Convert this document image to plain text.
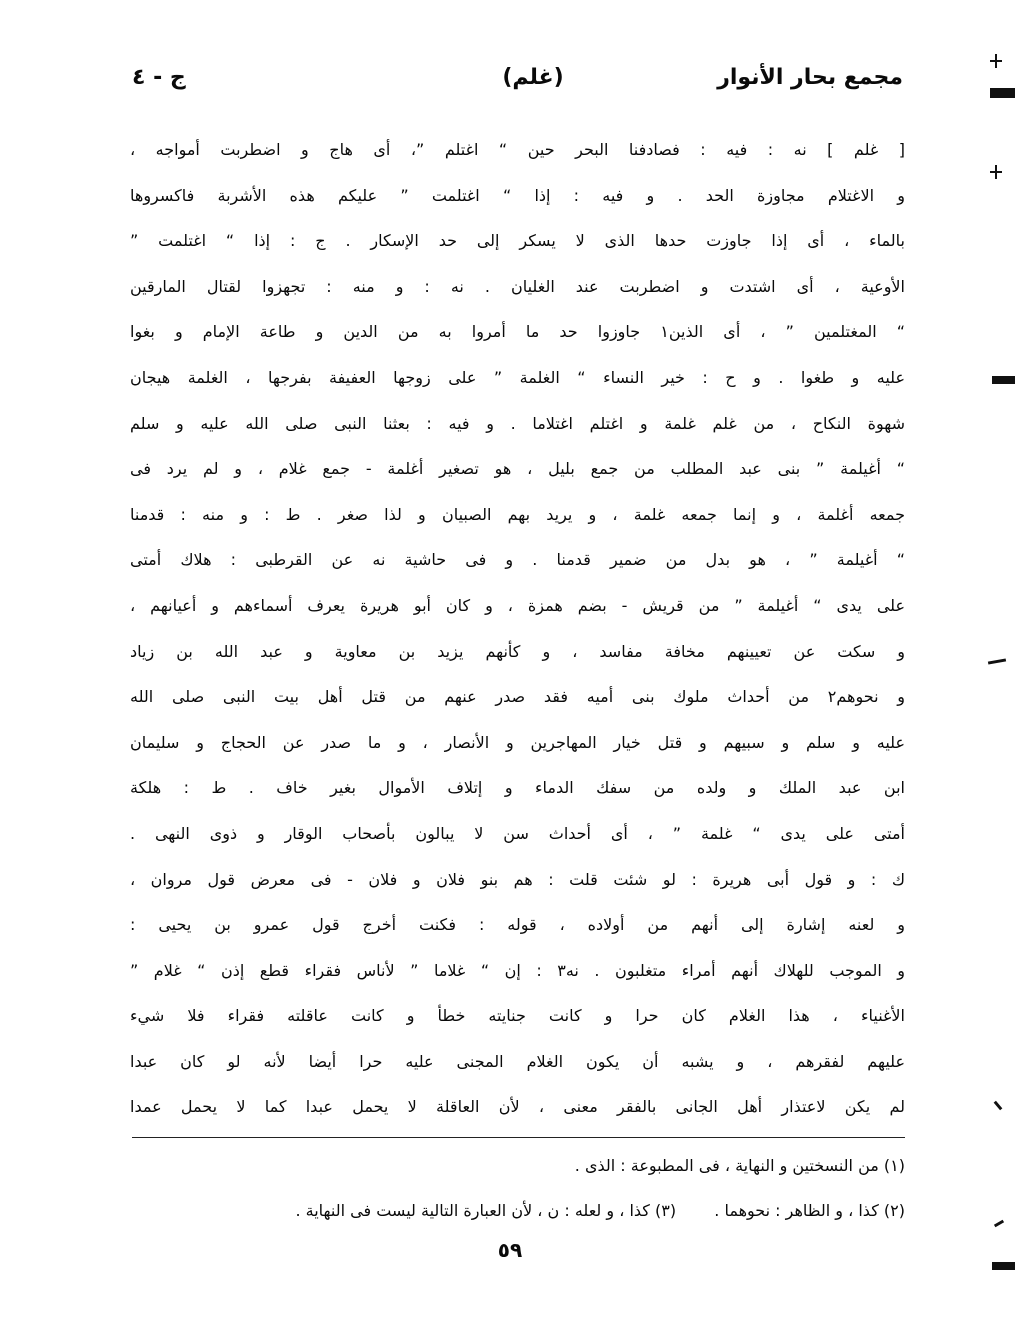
مجمع بحار الأنوار
(غلم)
ج - ٤
[ غلم ] نه : فيه : فصادفنا البحر حين “ اغتلم ”، أى هاج و اضطربت أمواجه ،
و الاغتلام مجاوزة الحد . و فيه : إذا “ اغتلمت ” عليكم هذه الأشربة فاكسروها
بالماء ، أى إذا جاوزت حدها الذى لا يسكر إلى حد الإسكار . ج : إذا “ اغتلمت ”
الأوعية ، أى اشتدت و اضطربت عند الغليان . نه : و منه : تجهزوا لقتال المارقين
“ المغتلمين ” ، أى الذين١ جاوزوا حد ما أمروا به من الدين و طاعة الإمام و بغوا
عليه و طغوا . و ح : خير النساء “ الغلمة ” على زوجها العفيفة بفرجها ، الغلمة هيجان
شهوة النكاح ، من غلم غلمة و اغتلم اغتلاما . و فيه : بعثنا النبى صلى الله عليه و سلم
“ أغيلمة ” بنى عبد المطلب من جمع بليل ، هو تصغير أغلمة - جمع غلام ، و لم يرد فى
جمعه أغلمة ، و إنما جمعه غلمة ، و يريد بهم الصبيان و لذا صغر . ط : و منه : قدمنا
“ أغيلمة ” ، هو بدل من ضمير قدمنا . و فى حاشية نه عن القرطبى : هلاك أمتى
على يدى “ أغيلمة ” من قريش - بضم همزة ، و كان أبو هريرة يعرف أسماءهم و أعيانهم ،
و سكت عن تعيينهم مخافة مفاسد ، و كأنهم يزيد بن معاوية و عبد الله بن زياد
و نحوهم٢ من أحداث ملوك بنى أميه فقد صدر عنهم من قتل أهل بيت النبى صلى الله
عليه و سلم و سبيهم و قتل خيار المهاجرين و الأنصار ، و ما صدر عن الحجاج و سليمان
ابن عبد الملك و ولده من سفك الدماء و إتلاف الأموال بغير خاف . ط : هلكة
أمتى على يدى “ غلمة ” ، أى أحداث سن لا يبالون بأصحاب الوقار و ذوى النهى .
ك : و قول أبى هريرة : لو شئت قلت : هم بنو فلان و فلان - فى معرض قول مروان ،
و لعنه إشارة إلى أنهم من أولاده ، قوله : فكنت أخرج قول عمرو بن يحيى :
و الموجب للهلاك أنهم أمراء متغلبون . نه٣ : إن “ غلاما ” لأناس فقراء قطع إذن “ غلام ”
الأغنياء ، هذا الغلام كان حرا و كانت جنايته خطأ و كانت عاقلته فقراء فلا شيء
عليهم لفقرهم ، و يشبه أن يكون الغلام المجنى عليه حرا أيضا لأنه لو كان عبدا
لم يكن لاعتذار أهل الجانى بالفقر معنى ، لأن العاقلة لا يحمل عبدا كما لا يحمل عمدا
(١) من النسختين و النهاية ، فى المطبوعة : الذى .
(٢) كذا ، و الظاهر : نحوهما .  (٣) كذا ، و لعله : ن ، لأن العبارة التالية ليست فى النهاية .
٥٩
